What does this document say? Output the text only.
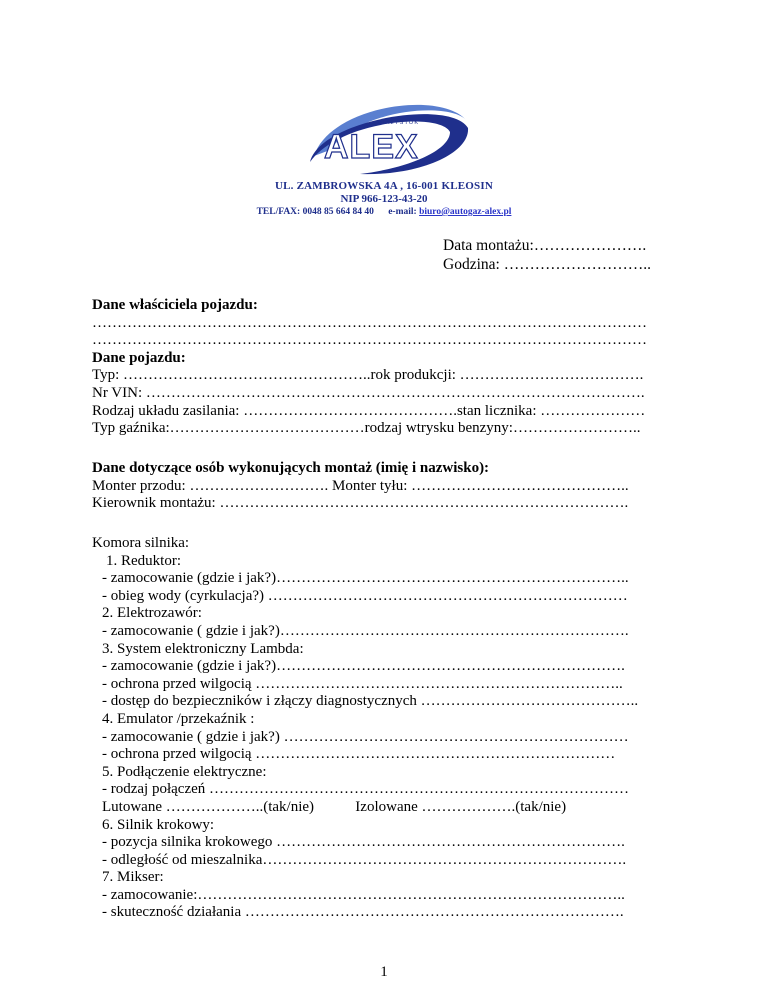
BIAŁYSTOK
ALEX
UL. ZAMBROWSKA 4A , 16-001 KLEOSIN
NIP 966-123-43-20
TEL/FAX: 0048 85 664 84 40 e-mail: biuro@autogaz-alex.pl
Data montażu:………………….
Godzina: ………………………..
Dane właściciela pojazdu:
…………………………………………………………………………………………………
…………………………………………………………………………………………………
Dane pojazdu:
Typ: …………………………………………..rok produkcji: ……………………………….
Nr VIN: ……………………………………………………………………………………….
Rodzaj układu zasilania: …………………………………….stan licznika: …………………
Typ gaźnika:…………………………………rodzaj wtrysku benzyny:……………………..
Dane dotyczące osób wykonujących montaż (imię i nazwisko):
Monter przodu: ………………………. Monter tyłu: ……………………………………..
Kierownik montażu: ……………………………………………………………………….
Komora silnika:
1. Reduktor:
- zamocowanie (gdzie i jak?)……………………………………………………………..
- obieg wody (cyrkulacja?) ………………………………………………………………
2. Elektrozawór:
- zamocowanie ( gdzie i jak?)…………………………………………………………….
3. System elektroniczny Lambda:
- zamocowanie (gdzie i jak?)…………………………………………………………….
- ochrona przed wilgocią ………………………………………………………………..
- dostęp do bezpieczników i złączy diagnostycznych ……………………………………..
4. Emulator /przekaźnik :
- zamocowanie ( gdzie i jak?) ……………………………………………………………
- ochrona przed wilgocią ………………………………………………………………
5. Podłączenie elektryczne:
- rodzaj połączeń …………………………………………………………………………
Lutowane ………………..(tak/nie)           Izolowane ……………….(tak/nie)
6. Silnik krokowy:
- pozycja silnika krokowego …………………………………………………………….
- odległość od mieszalnika……………………………………………………………….
7. Mikser:
- zamocowanie:…………………………………………………………………………..
- skuteczność działania ………………………………………………………………….
1
